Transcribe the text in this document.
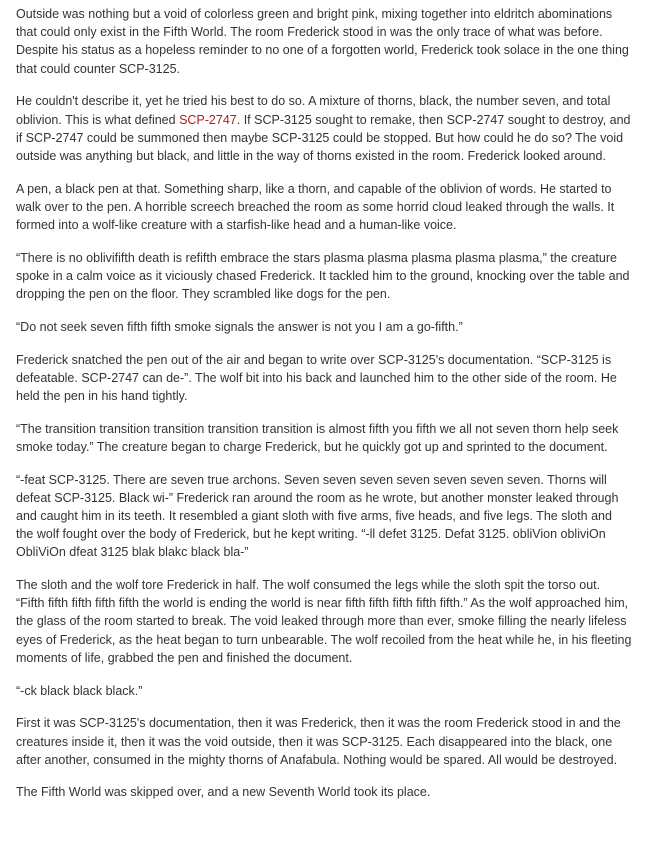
Outside was nothing but a void of colorless green and bright pink, mixing together into eldritch abominations that could only exist in the Fifth World. The room Frederick stood in was the only trace of what was before. Despite his status as a hopeless reminder to no one of a forgotten world, Frederick took solace in the one thing that could counter SCP-3125.

He couldn't describe it, yet he tried his best to do so. A mixture of thorns, black, the number seven, and total oblivion. This is what defined SCP-2747. If SCP-3125 sought to remake, then SCP-2747 sought to destroy, and if SCP-2747 could be summoned then maybe SCP-3125 could be stopped. But how could he do so? The void outside was anything but black, and little in the way of thorns existed in the room. Frederick looked around.

A pen, a black pen at that. Something sharp, like a thorn, and capable of the oblivion of words. He started to walk over to the pen. A horrible screech breached the room as some horrid cloud leaked through the walls. It formed into a wolf-like creature with a starfish-like head and a human-like voice.

“There is no oblivififth death is refifth embrace the stars plasma plasma plasma plasma plasma,” the creature spoke in a calm voice as it viciously chased Frederick. It tackled him to the ground, knocking over the table and dropping the pen on the floor. They scrambled like dogs for the pen.

“Do not seek seven fifth fifth smoke signals the answer is not you I am a go-fifth.”

Frederick snatched the pen out of the air and began to write over SCP-3125's documentation. “SCP-3125 is defeatable. SCP-2747 can de-”. The wolf bit into his back and launched him to the other side of the room. He held the pen in his hand tightly.

“The transition transition transition transition transition is almost fifth you fifth we all not seven thorn help seek smoke today.” The creature began to charge Frederick, but he quickly got up and sprinted to the document.

“-feat SCP-3125. There are seven true archons. Seven seven seven seven seven seven seven. Thorns will defeat SCP-3125. Black wi-” Frederick ran around the room as he wrote, but another monster leaked through and caught him in its teeth. It resembled a giant sloth with five arms, five heads, and five legs. The sloth and the wolf fought over the body of Frederick, but he kept writing. “-ll defet 3125. Defat 3125. obliVion obliviOn ObliViOn dfeat 3125 blak blakc black bla-”

The sloth and the wolf tore Frederick in half. The wolf consumed the legs while the sloth spit the torso out. “Fifth fifth fifth fifth fifth the world is ending the world is near fifth fifth fifth fifth fifth.” As the wolf approached him, the glass of the room started to break. The void leaked through more than ever, smoke filling the nearly lifeless eyes of Frederick, as the heat began to turn unbearable. The wolf recoiled from the heat while he, in his fleeting moments of life, grabbed the pen and finished the document.

“-ck black black black.”

First it was SCP-3125's documentation, then it was Frederick, then it was the room Frederick stood in and the creatures inside it, then it was the void outside, then it was SCP-3125. Each disappeared into the black, one after another, consumed in the mighty thorns of Anafabula. Nothing would be spared. All would be destroyed.

The Fifth World was skipped over, and a new Seventh World took its place.
